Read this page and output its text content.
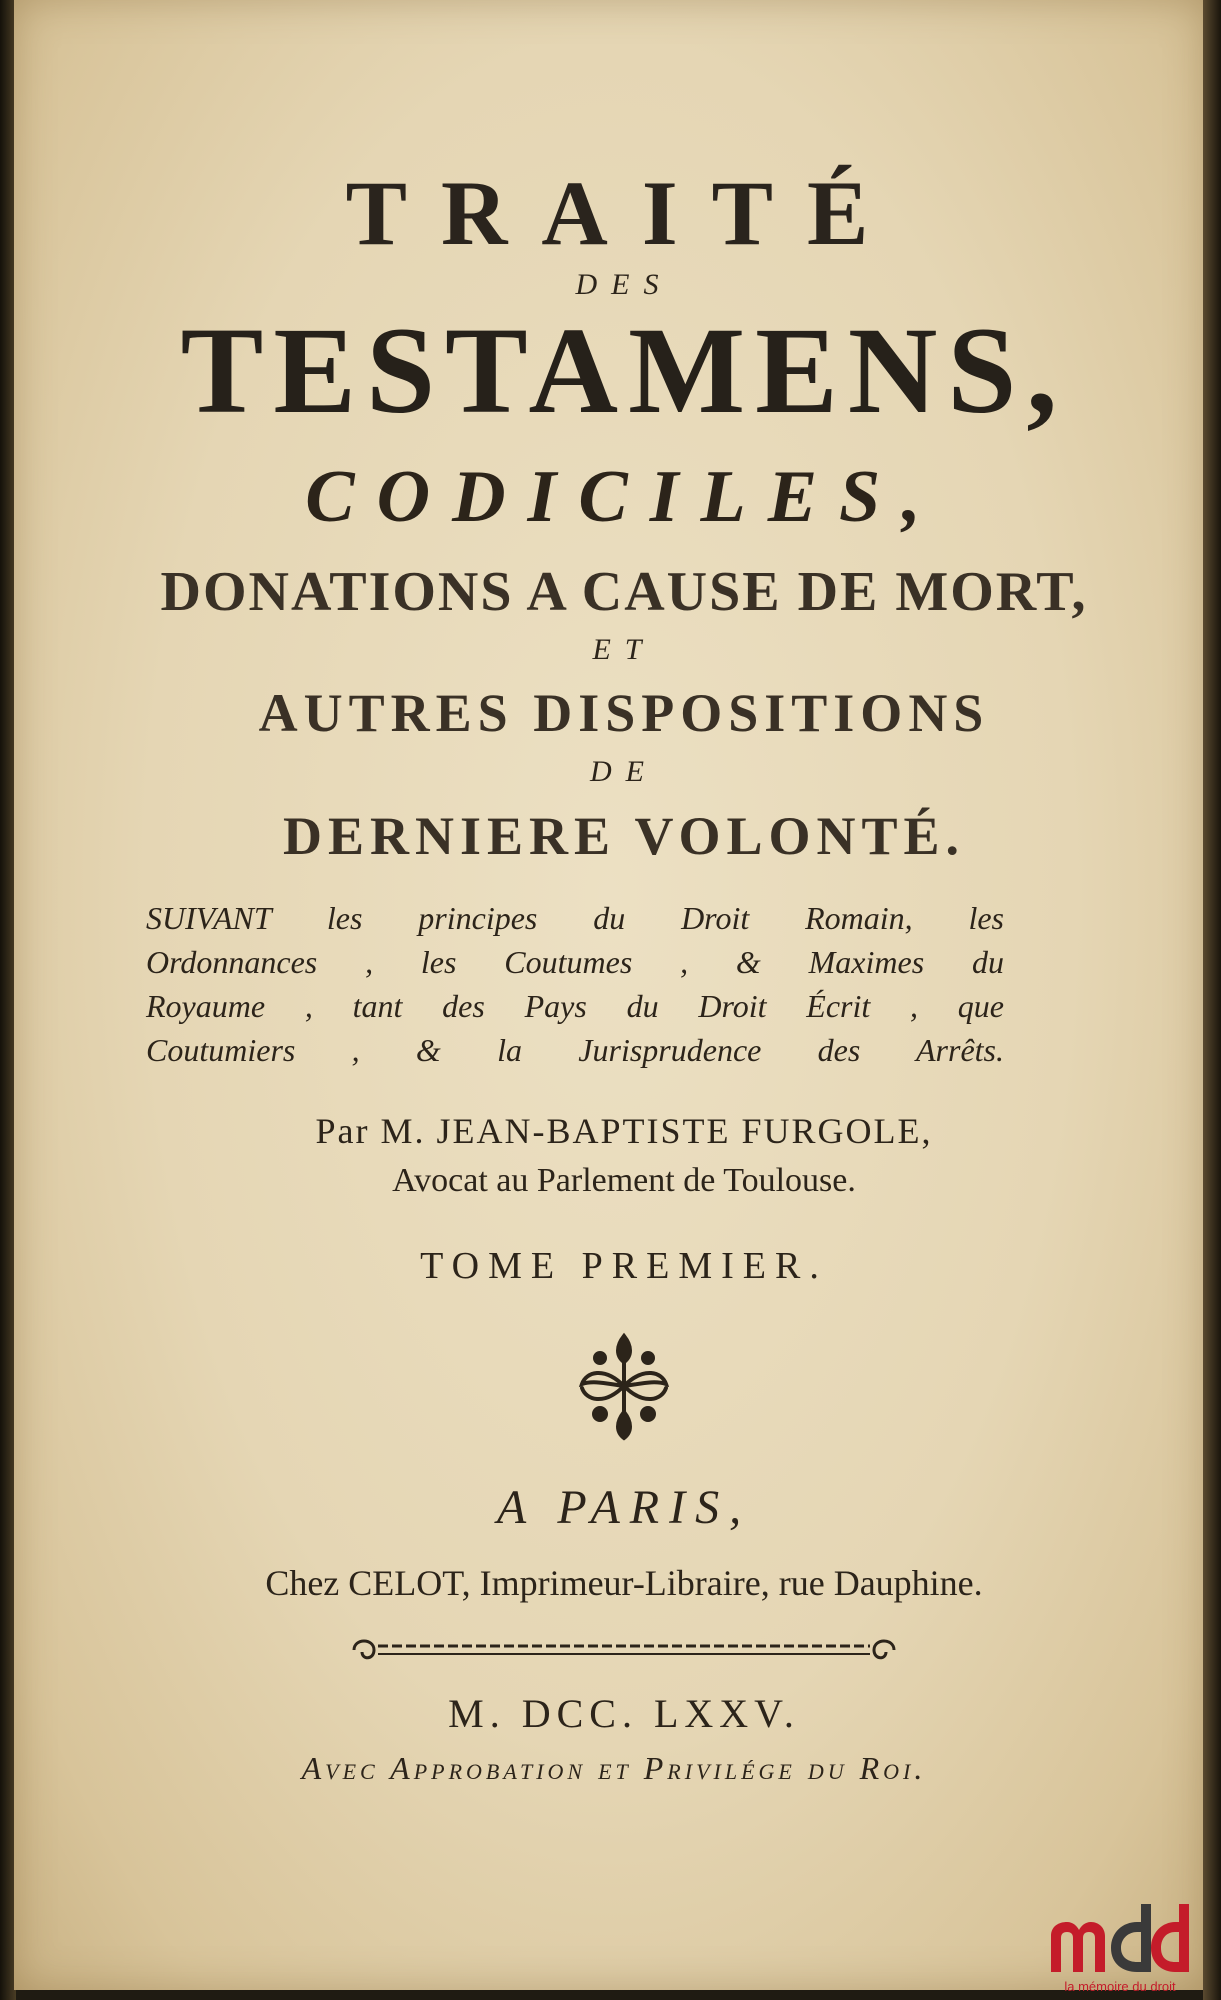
TRAITÉ
DES
TESTAMENS,
CODICILES,
DONATIONS A CAUSE DE MORT,
ET
AUTRES DISPOSITIONS
DE
DERNIERE VOLONTÉ.
SUIVANT les principes du Droit Romain, les
Ordonnances , les Coutumes , & Maximes du
Royaume , tant des Pays du Droit Écrit , que
Coutumiers , & la Jurisprudence des Arrêts.
Par M. JEAN-BAPTISTE FURGOLE,
Avocat au Parlement de Toulouse.
TOME PREMIER.
A PARIS,
Chez CELOT, Imprimeur-Libraire, rue Dauphine.
M. DCC. LXXV.
Avec Approbation et Privilége du Roi.
la mémoire du droit
